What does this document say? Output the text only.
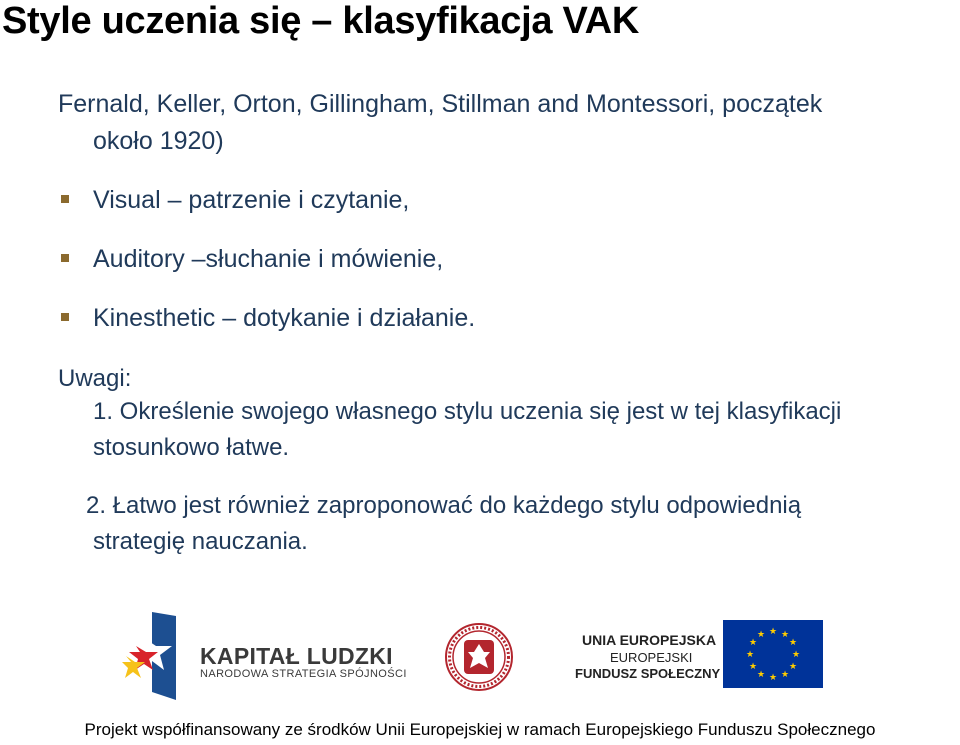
Style uczenia się – klasyfikacja VAK
Fernald, Keller, Orton, Gillingham, Stillman and Montessori, początek
około 1920)
Visual – patrzenie i czytanie,
Auditory –słuchanie i mówienie,
Kinesthetic – dotykanie i działanie.
Uwagi:
1. Określenie swojego własnego stylu uczenia się jest w tej klasyfikacji
stosunkowo łatwe.
2. Łatwo jest również zaproponować do każdego stylu odpowiednią
strategię nauczania.
KAPITAŁ LUDZKI
NARODOWA STRATEGIA SPÓJNOŚCI
UNIA EUROPEJSKA
EUROPEJSKI
FUNDUSZ SPOŁECZNY
★ ★
★
★
★
★
★
★
★
★
★
★
Projekt współfinansowany ze środków Unii Europejskiej w ramach Europejskiego Funduszu Społecznego
